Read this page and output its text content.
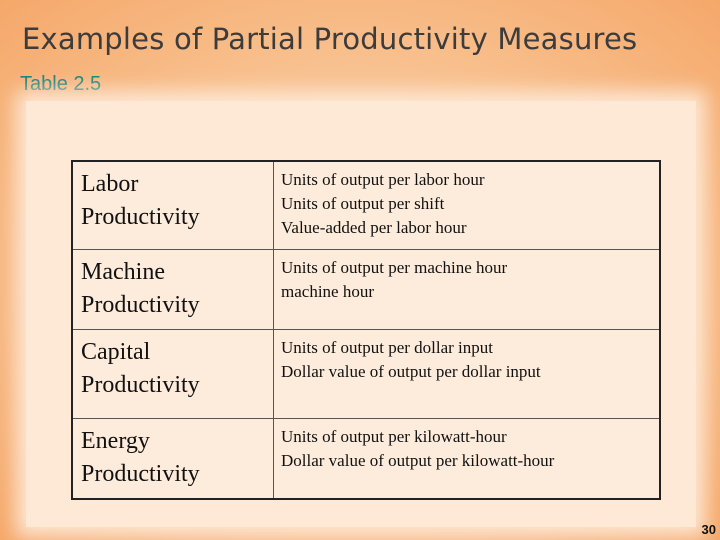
Examples of Partial Productivity Measures
Table 2.5
Labor
Productivity	Units of output per labor hour
Units of output per shift
Value-added per labor hour

Machine
Productivity	Units of output per machine hour
machine hour

Capital
Productivity	Units of output per dollar input
Dollar value of output per dollar input

Energy
Productivity	Units of output per kilowatt-hour
Dollar value of output per kilowatt-hour
30
